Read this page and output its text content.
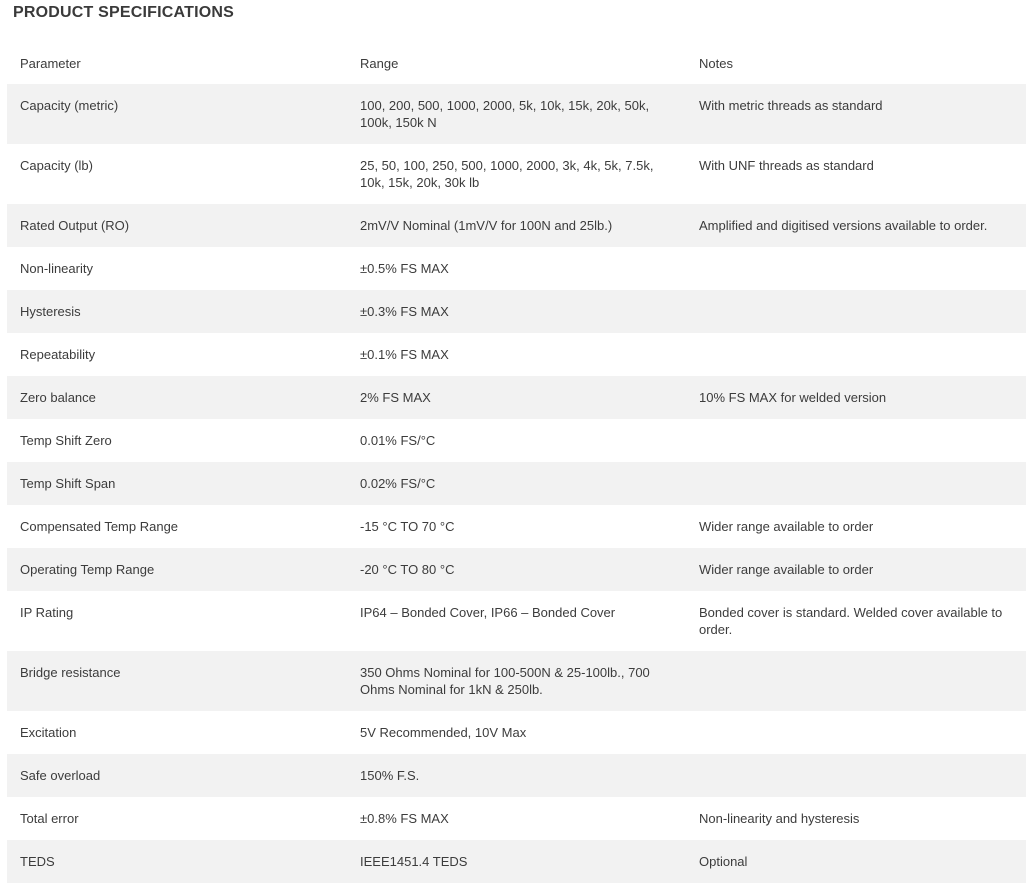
PRODUCT SPECIFICATIONS
Parameter	Range	Notes
Capacity (metric)	100, 200, 500, 1000, 2000, 5k, 10k, 15k, 20k, 50k, 100k, 150k N	With metric threads as standard
Capacity (lb)	25, 50, 100, 250, 500, 1000, 2000, 3k, 4k, 5k, 7.5k, 10k, 15k, 20k, 30k lb	With UNF threads as standard
Rated Output (RO)	2mV/V Nominal (1mV/V for 100N and 25lb.)	Amplified and digitised versions available to order.
Non-linearity	±0.5% FS MAX	
Hysteresis	±0.3% FS MAX	
Repeatability	±0.1% FS MAX	
Zero balance	2% FS MAX	10% FS MAX for welded version
Temp Shift Zero	0.01% FS/°C	
Temp Shift Span	0.02% FS/°C	
Compensated Temp Range	-15 °C TO 70 °C	Wider range available to order
Operating Temp Range	-20 °C TO 80 °C	Wider range available to order
IP Rating	IP64 – Bonded Cover, IP66 – Bonded Cover	Bonded cover is standard. Welded cover available to order.
Bridge resistance	350 Ohms Nominal for 100-500N & 25-100lb., 700 Ohms Nominal for 1kN & 250lb.	
Excitation	5V Recommended, 10V Max	
Safe overload	150% F.S.	
Total error	±0.8% FS MAX	Non-linearity and hysteresis
TEDS	IEEE1451.4 TEDS	Optional
